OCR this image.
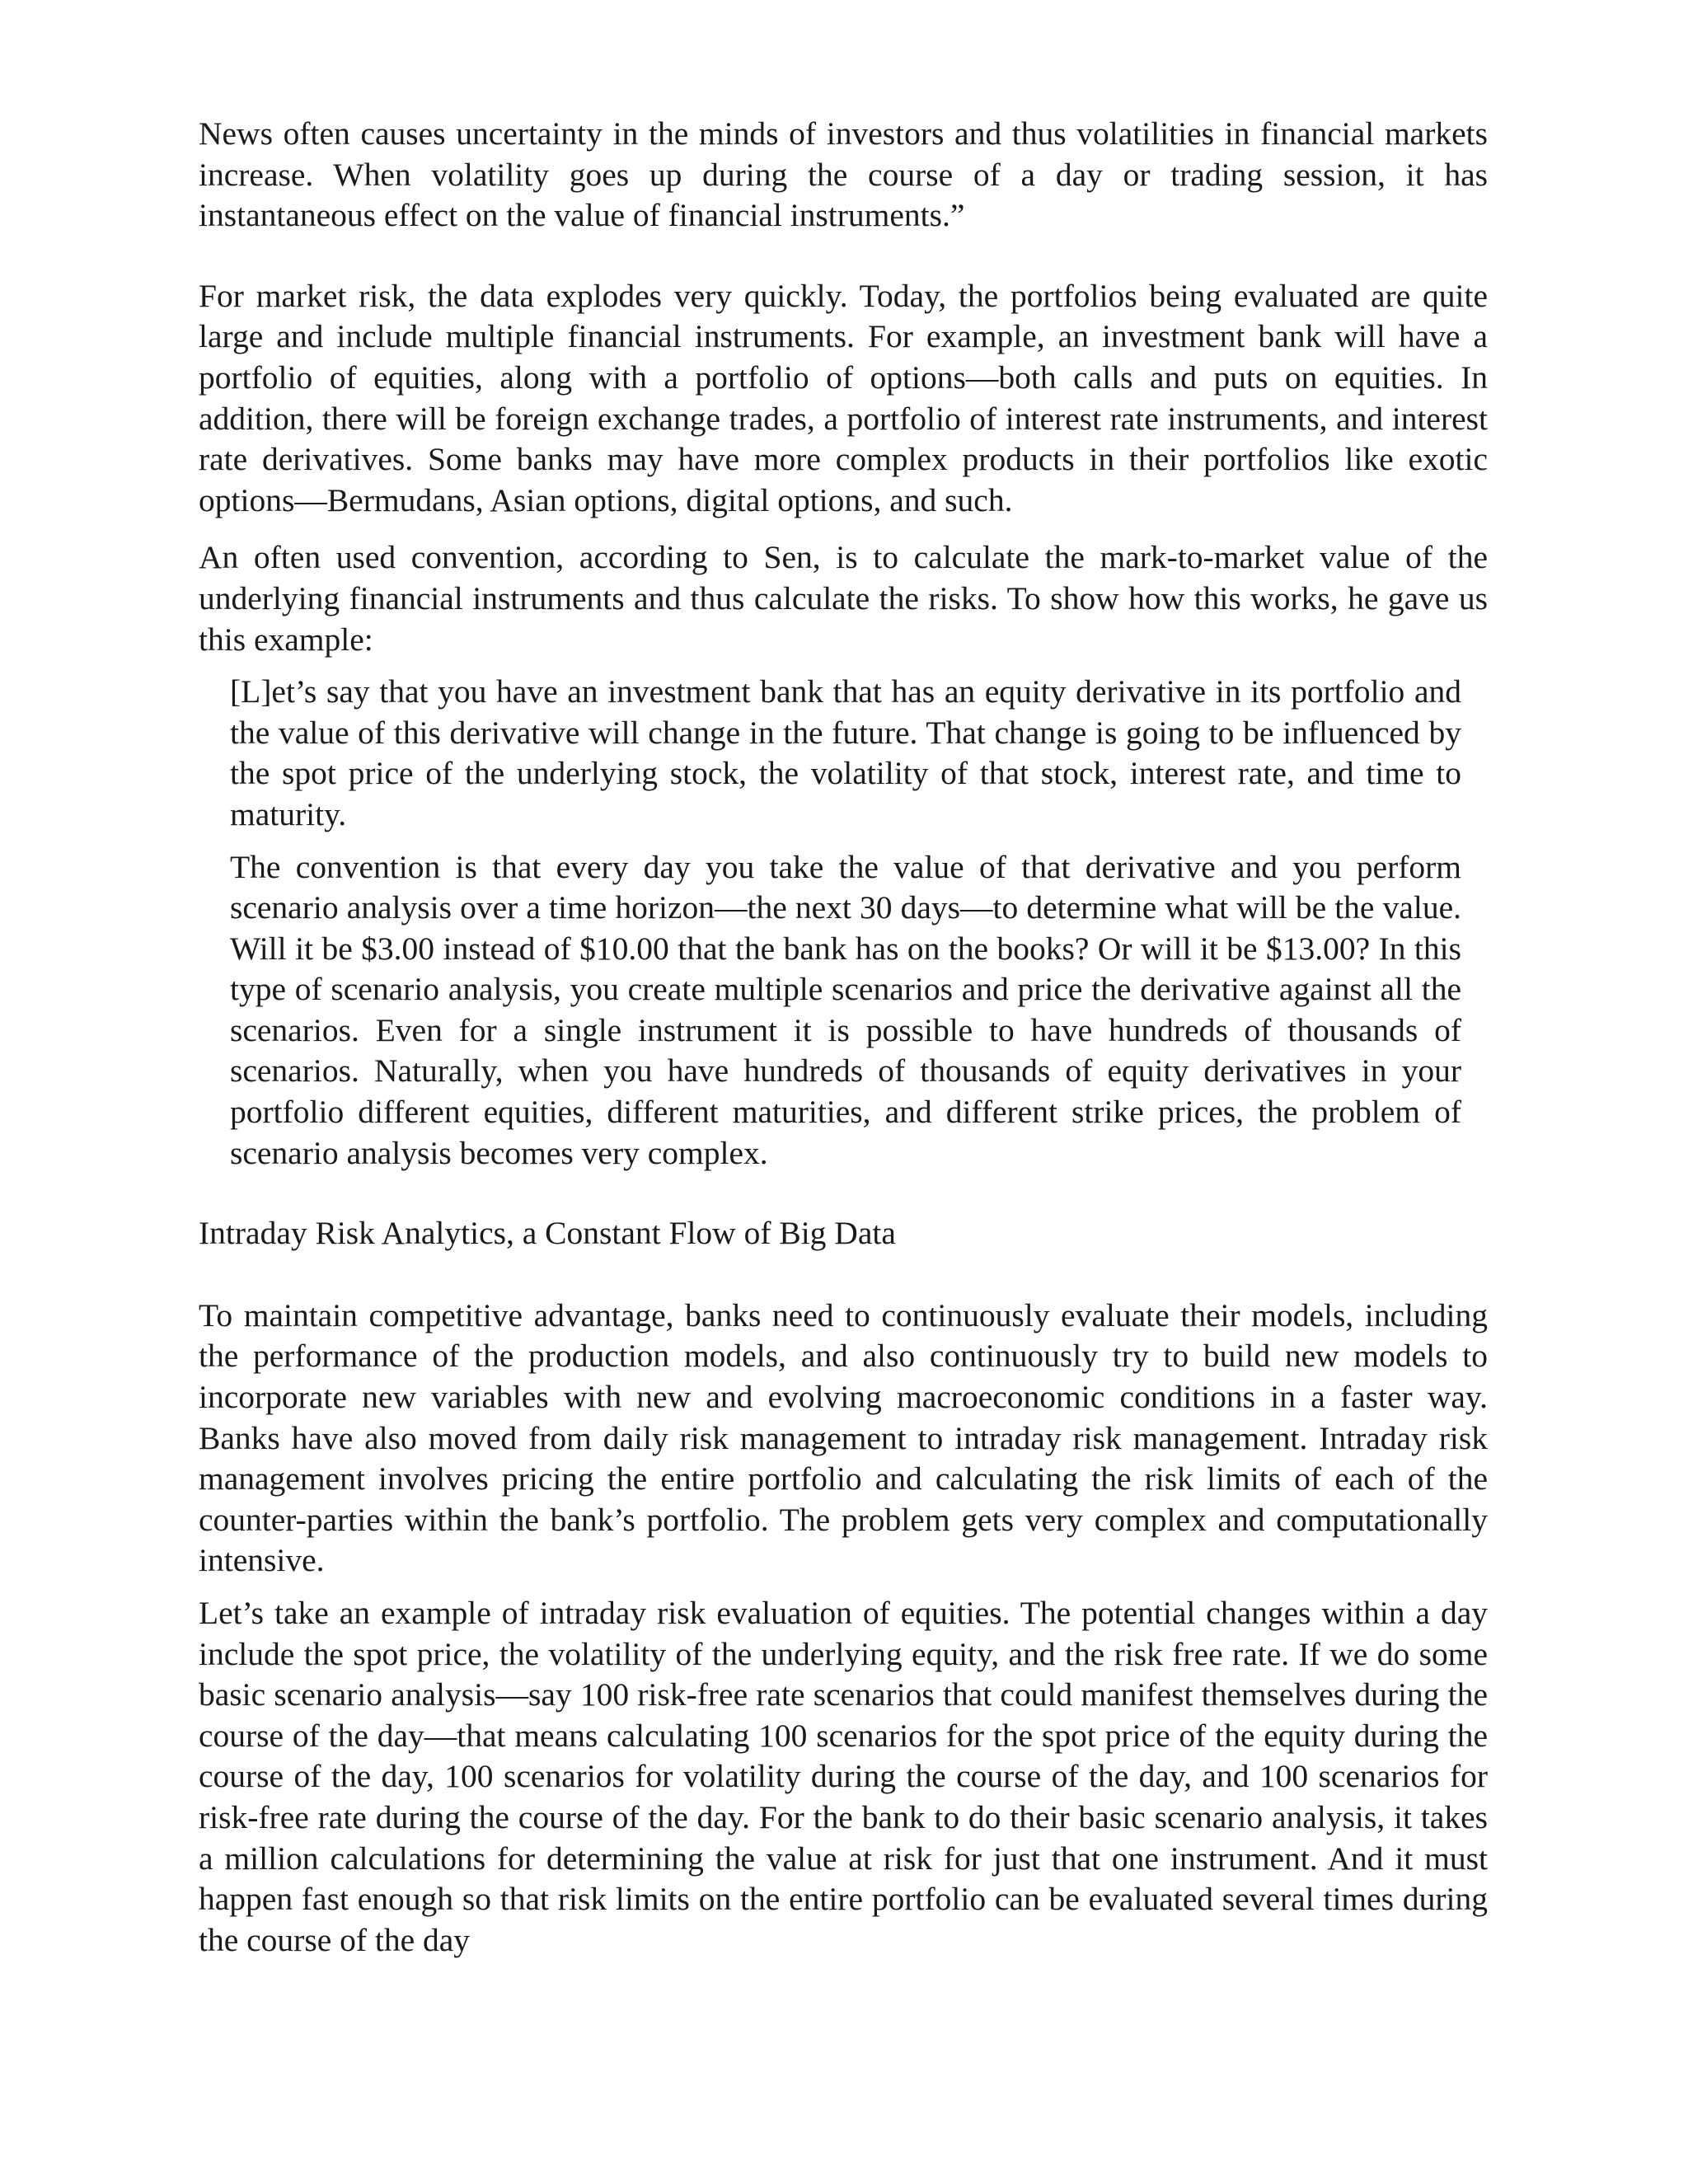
News often causes uncertainty in the minds of investors and thus volatilities in financial markets increase. When volatility goes up during the course of a day or trading session, it has instantaneous effect on the value of financial instruments.”

For market risk, the data explodes very quickly. Today, the portfolios being evaluated are quite large and include multiple financial instruments. For example, an investment bank will have a portfolio of equities, along with a portfolio of options—both calls and puts on equities. In addition, there will be foreign exchange trades, a portfolio of interest rate instruments, and interest rate derivatives. Some banks may have more complex products in their portfolios like exotic options—Bermudans, Asian options, digital options, and such.

An often used convention, according to Sen, is to calculate the mark-to-market value of the underlying financial instruments and thus calculate the risks. To show how this works, he gave us this example:

[L]et’s say that you have an investment bank that has an equity derivative in its portfolio and the value of this derivative will change in the future. That change is going to be influenced by the spot price of the underlying stock, the volatility of that stock, interest rate, and time to maturity.

The convention is that every day you take the value of that derivative and you perform scenario analysis over a time horizon—the next 30 days—to determine what will be the value. Will it be $3.00 instead of $10.00 that the bank has on the books? Or will it be $13.00? In this type of scenario analysis, you create multiple scenarios and price the derivative against all the scenarios. Even for a single instrument it is possible to have hundreds of thousands of scenarios. Naturally, when you have hundreds of thousands of equity derivatives in your portfolio different equities, different maturities, and different strike prices, the problem of scenario analysis becomes very complex.

Intraday Risk Analytics, a Constant Flow of Big Data

To maintain competitive advantage, banks need to continuously evaluate their models, including the performance of the production models, and also continuously try to build new models to incorporate new variables with new and evolving macroeconomic conditions in a faster way. Banks have also moved from daily risk management to intraday risk management. Intraday risk management involves pricing the entire portfolio and calculating the risk limits of each of the counter-parties within the bank’s portfolio. The problem gets very complex and computationally intensive.

Let’s take an example of intraday risk evaluation of equities. The potential changes within a day include the spot price, the volatility of the underlying equity, and the risk free rate. If we do some basic scenario analysis—say 100 risk-free rate scenarios that could manifest themselves during the course of the day—that means calculating 100 scenarios for the spot price of the equity during the course of the day, 100 scenarios for volatility during the course of the day, and 100 scenarios for risk-free rate during the course of the day. For the bank to do their basic scenario analysis, it takes a million calculations for determining the value at risk for just that one instrument. And it must happen fast enough so that risk limits on the entire portfolio can be evaluated several times during the course of the day
